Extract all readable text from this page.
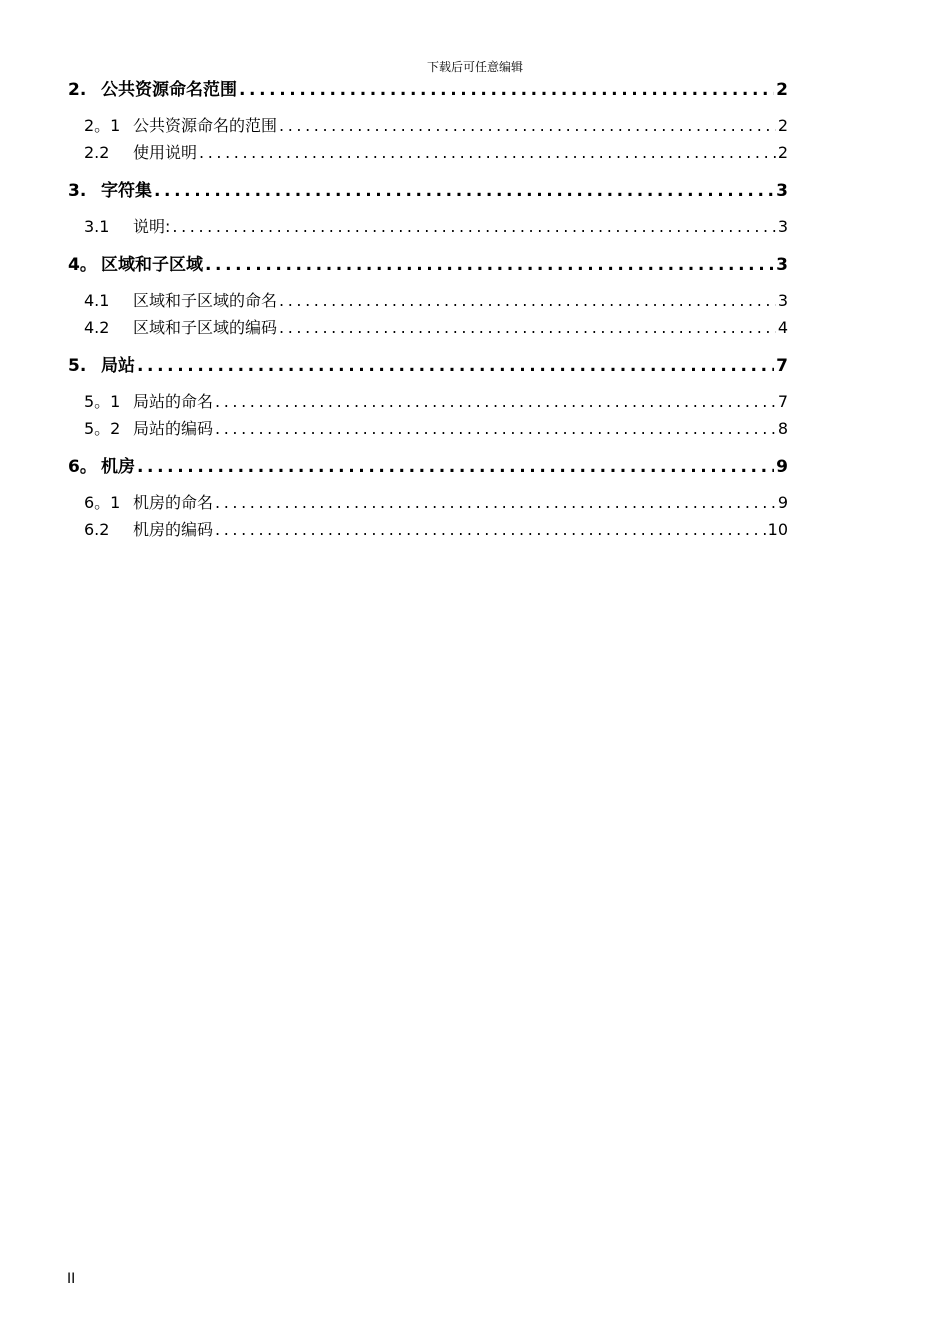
下载后可任意编辑
2. 公共资源命名范围 .....	2
2。1 公共资源命名的范围 .....	2
2.2	使用说明 .....	2
3. 字符集 .....	3
3.1	说明: .....	3
4。 区域和子区域 .....	3
4.1	区域和子区域的命名 .....	3
4.2	区域和子区域的编码 .....	4
5. 局站 .....	7
5。1 局站的命名 .....	7
5。2 局站的编码 .....	8
6。 机房 .....	9
6。1 机房的命名 .....	9
6.2	机房的编码 .....	10
II
